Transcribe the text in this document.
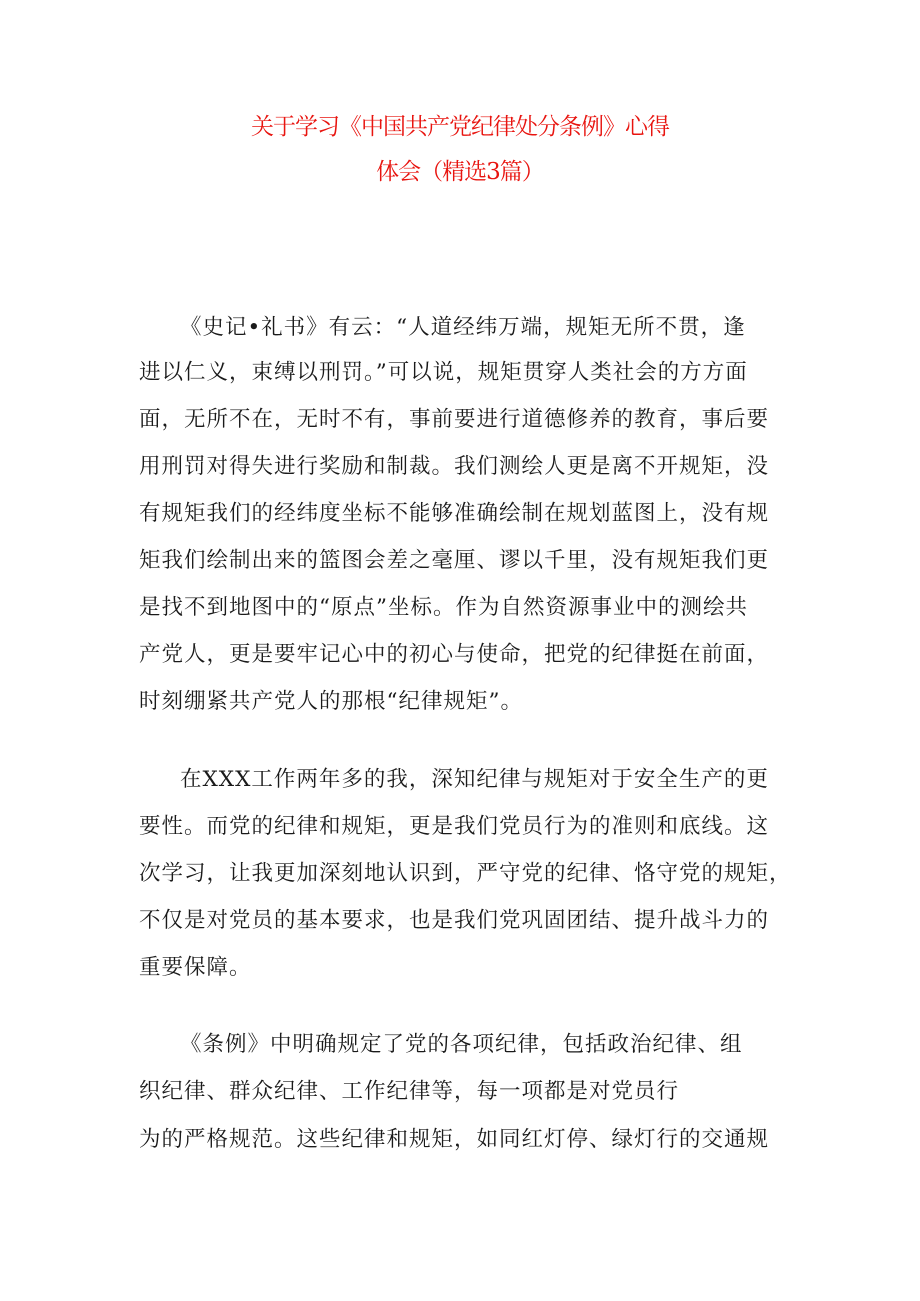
关于学习《中国共产党纪律处分条例》心得
体会（精选3篇）
《史记•礼书》有云：“人道经纬万端，规矩无所不贯，逢
进以仁义，束缚以刑罚。”可以说，规矩贯穿人类社会的方方面
面，无所不在，无时不有，事前要进行道德修养的教育，事后要
用刑罚对得失进行奖励和制裁。我们测绘人更是离不开规矩，没
有规矩我们的经纬度坐标不能够准确绘制在规划蓝图上，没有规
矩我们绘制出来的篮图会差之毫厘、谬以千里，没有规矩我们更
是找不到地图中的“原点”坐标。作为自然资源事业中的测绘共
产党人，更是要牢记心中的初心与使命，把党的纪律挺在前面，
时刻绷紧共产党人的那根“纪律规矩”。
在XXX工作两年多的我，深知纪律与规矩对于安全生产的更
要性。而党的纪律和规矩，更是我们党员行为的准则和底线。这
次学习，让我更加深刻地认识到，严守党的纪律、恪守党的规矩，
不仅是对党员的基本要求，也是我们党巩固团结、提升战斗力的
重要保障。
《条例》中明确规定了党的各项纪律，包括政治纪律、组
织纪律、群众纪律、工作纪律等，每一项都是对党员行
为的严格规范。这些纪律和规矩，如同红灯停、绿灯行的交通规
